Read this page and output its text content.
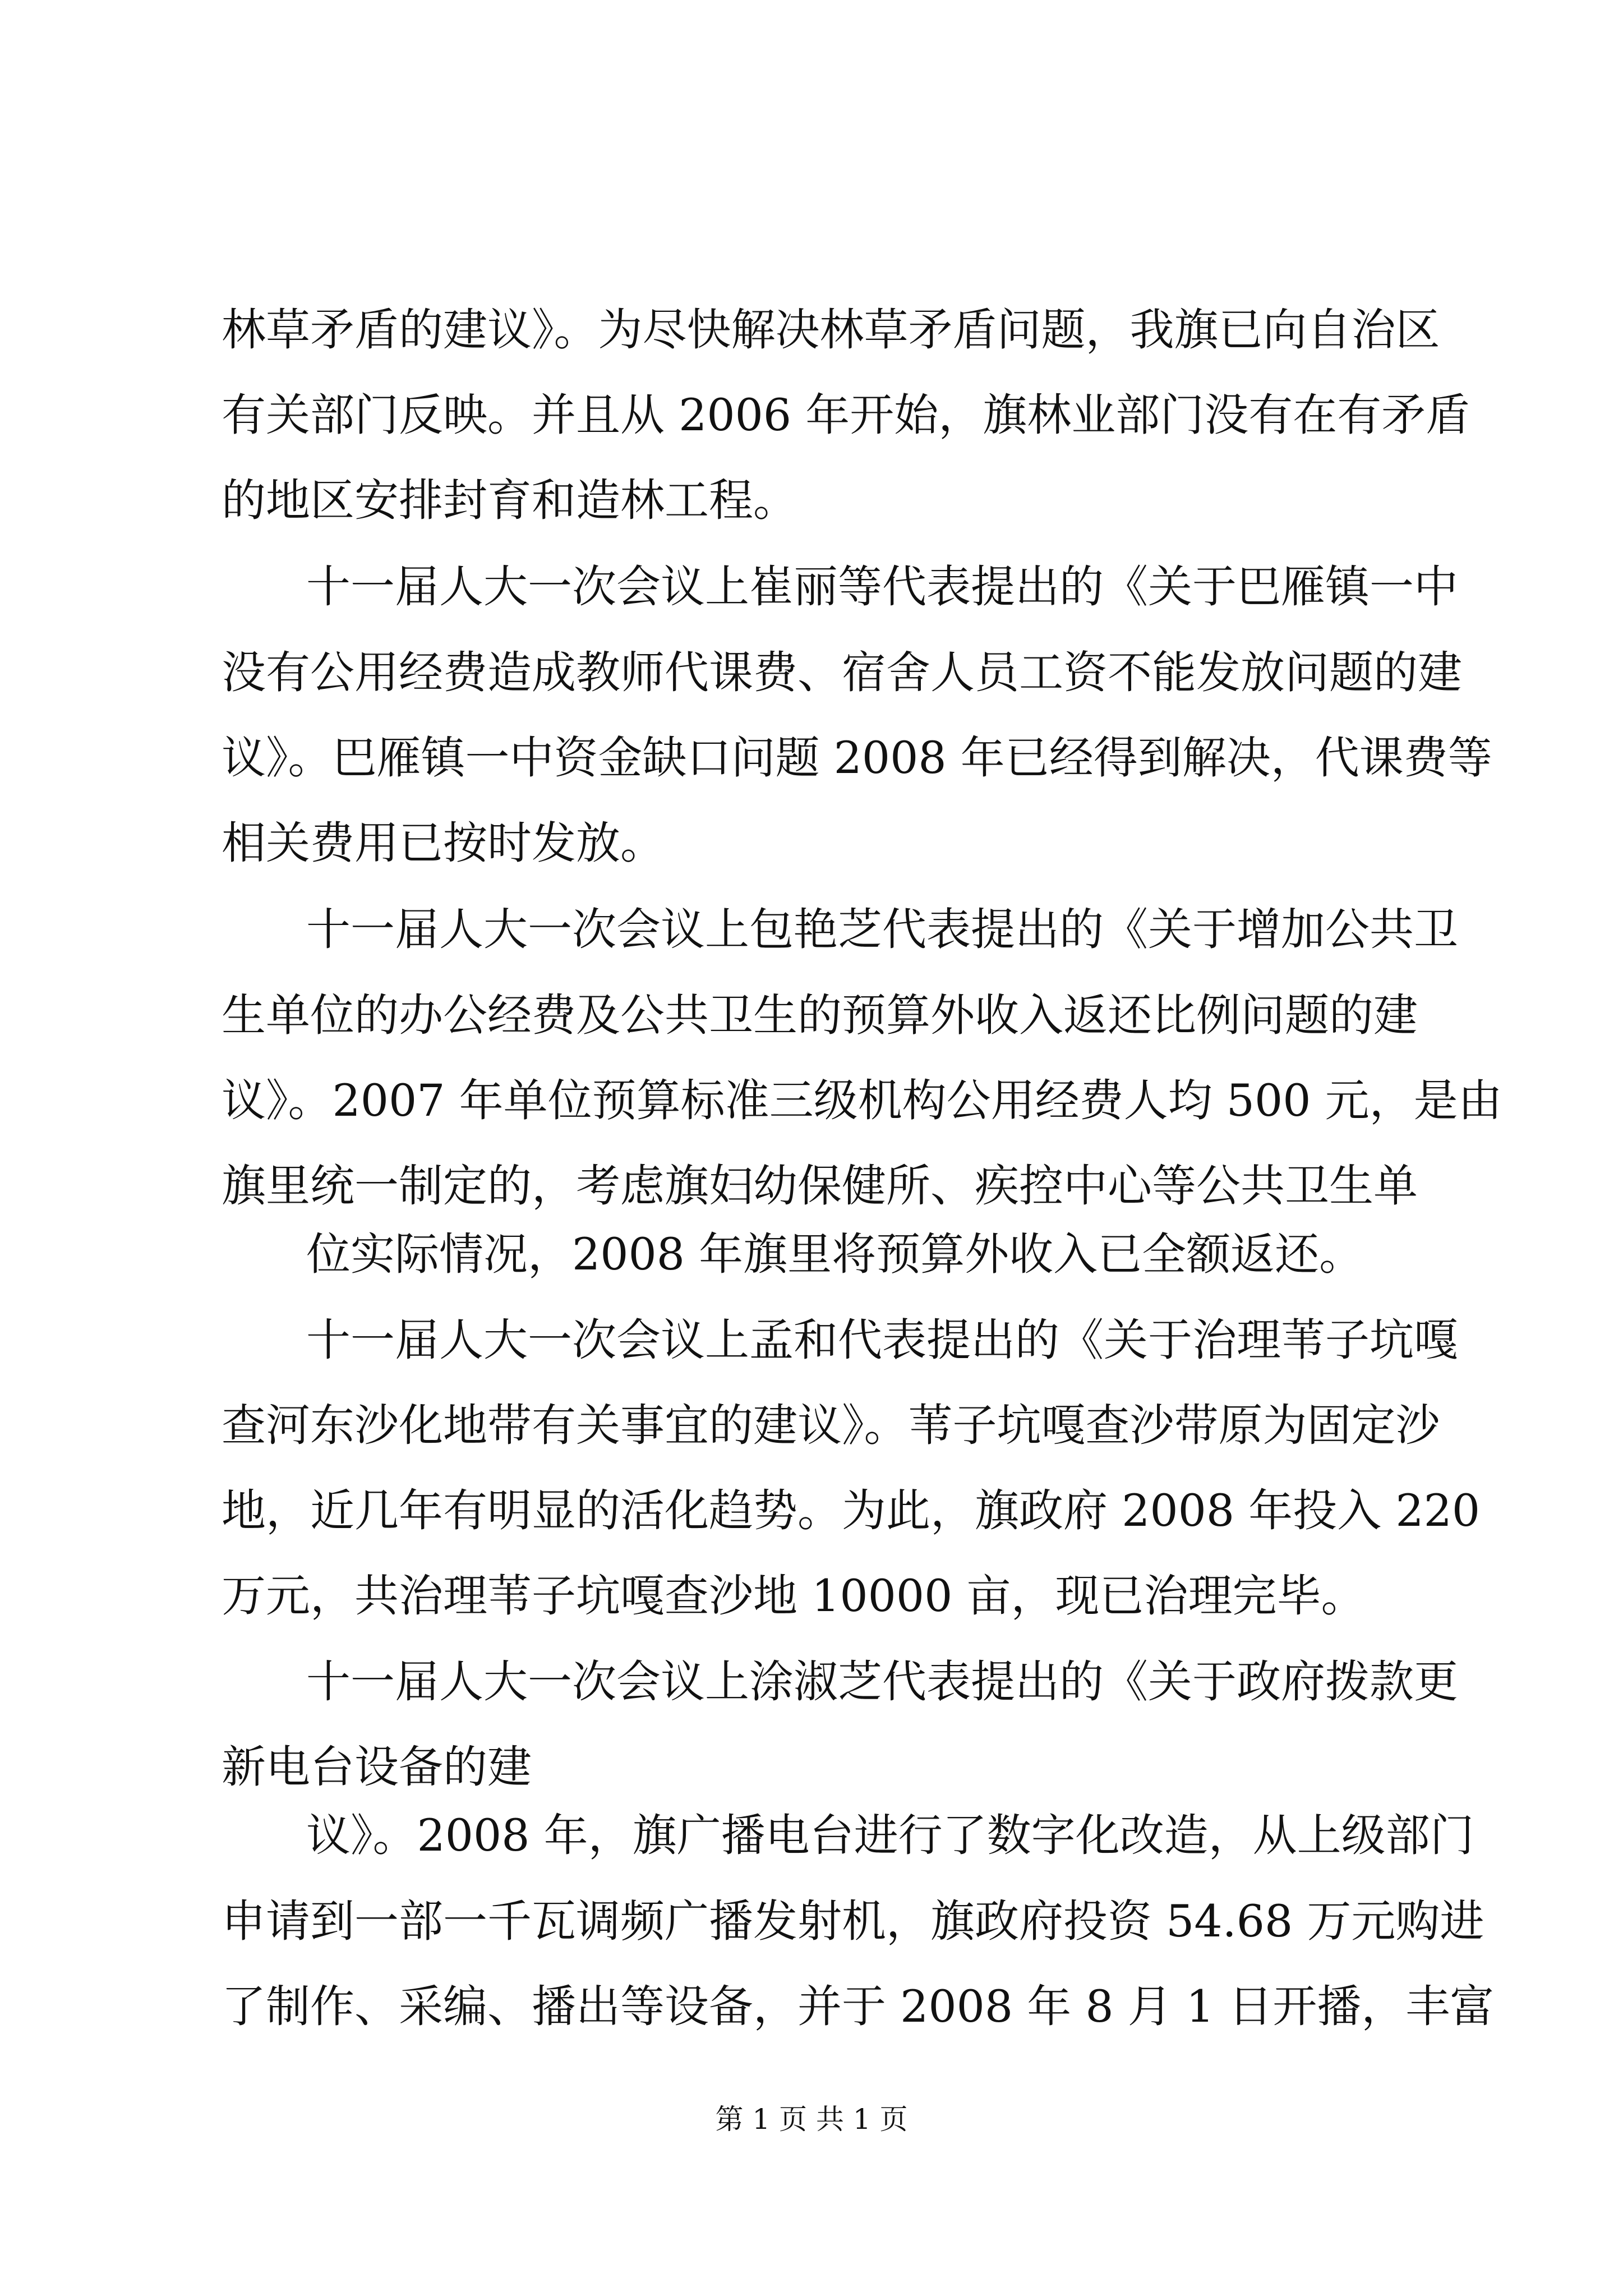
林草矛盾的建议》。为尽快解决林草矛盾问题，我旗已向自治区
有关部门反映。并且从 2006 年开始，旗林业部门没有在有矛盾
的地区安排封育和造林工程。
十一届人大一次会议上崔丽等代表提出的《关于巴雁镇一中
没有公用经费造成教师代课费、宿舍人员工资不能发放问题的建
议》。巴雁镇一中资金缺口问题 2008 年已经得到解决，代课费等
相关费用已按时发放。
十一届人大一次会议上包艳芝代表提出的《关于增加公共卫
生单位的办公经费及公共卫生的预算外收入返还比例问题的建
议》。2007 年单位预算标准三级机构公用经费人均 500 元，是由
旗里统一制定的，考虑旗妇幼保健所、疾控中心等公共卫生单
位实际情况，2008 年旗里将预算外收入已全额返还。
十一届人大一次会议上孟和代表提出的《关于治理苇子坑嘎
查河东沙化地带有关事宜的建议》。苇子坑嘎查沙带原为固定沙
地，近几年有明显的活化趋势。为此，旗政府 2008 年投入 220
万元，共治理苇子坑嘎查沙地 10000 亩，现已治理完毕。
十一届人大一次会议上涂淑芝代表提出的《关于政府拨款更
新电台设备的建
议》。2008 年，旗广播电台进行了数字化改造，从上级部门
申请到一部一千瓦调频广播发射机，旗政府投资 54.68 万元购进
了制作、采编、播出等设备，并于 2008 年 8 月 1 日开播，丰富
第 1 页 共 1 页
